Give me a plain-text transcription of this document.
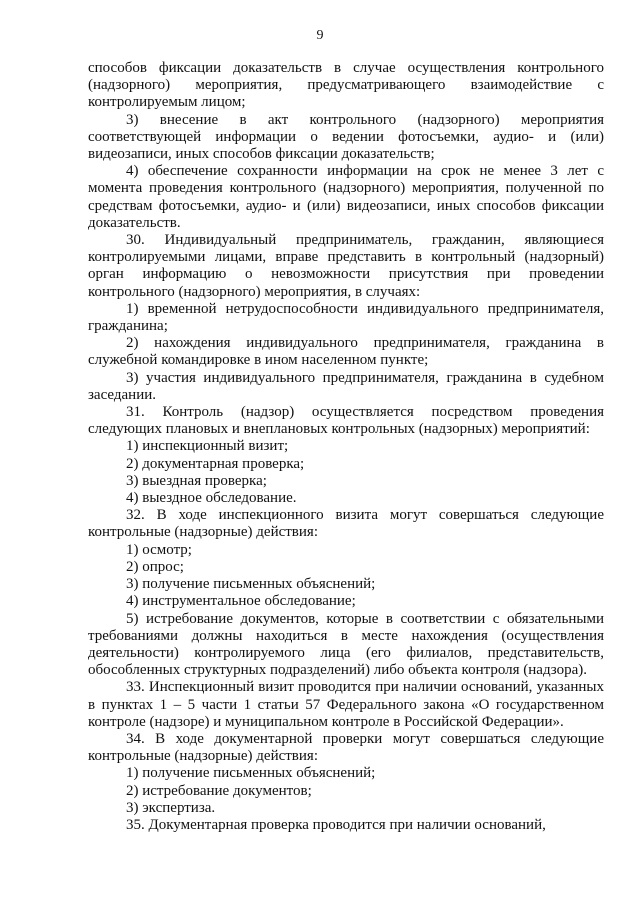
9

способов фиксации доказательств в случае осуществления контрольного (надзорного) мероприятия, предусматривающего взаимодействие с контролируемым лицом;

3) внесение в акт контрольного (надзорного) мероприятия соответствующей информации о ведении фотосъемки, аудио- и (или) видеозаписи, иных способов фиксации доказательств;

4) обеспечение сохранности информации на срок не менее 3 лет с момента проведения контрольного (надзорного) мероприятия, полученной по средствам фотосъемки, аудио- и (или) видеозаписи, иных способов фиксации доказательств.

30. Индивидуальный предприниматель, гражданин, являющиеся контролируемыми лицами, вправе представить в контрольный (надзорный) орган информацию о невозможности присутствия при проведении контрольного (надзорного) мероприятия, в случаях:

1) временной нетрудоспособности индивидуального предпринимателя, гражданина;

2) нахождения индивидуального предпринимателя, гражданина в служебной командировке в ином населенном пункте;

3) участия индивидуального предпринимателя, гражданина в судебном заседании.

31. Контроль (надзор) осуществляется посредством проведения следующих плановых и внеплановых контрольных (надзорных) мероприятий:

1) инспекционный визит;

2) документарная проверка;

3) выездная проверка;

4) выездное обследование.

32. В ходе инспекционного визита могут совершаться следующие контрольные (надзорные) действия:

1) осмотр;

2) опрос;

3) получение письменных объяснений;

4) инструментальное обследование;

5) истребование документов, которые в соответствии с обязательными требованиями должны находиться в месте нахождения (осуществления деятельности) контролируемого лица (его филиалов, представительств, обособленных структурных подразделений) либо объекта контроля (надзора).

33. Инспекционный визит проводится при наличии оснований, указанных в пунктах 1 – 5 части 1 статьи 57 Федерального закона «О государственном контроле (надзоре) и муниципальном контроле в Российской Федерации».

34. В ходе документарной проверки могут совершаться следующие контрольные (надзорные) действия:

1) получение письменных объяснений;

2) истребование документов;

3) экспертиза.

35. Документарная проверка проводится при наличии оснований,
